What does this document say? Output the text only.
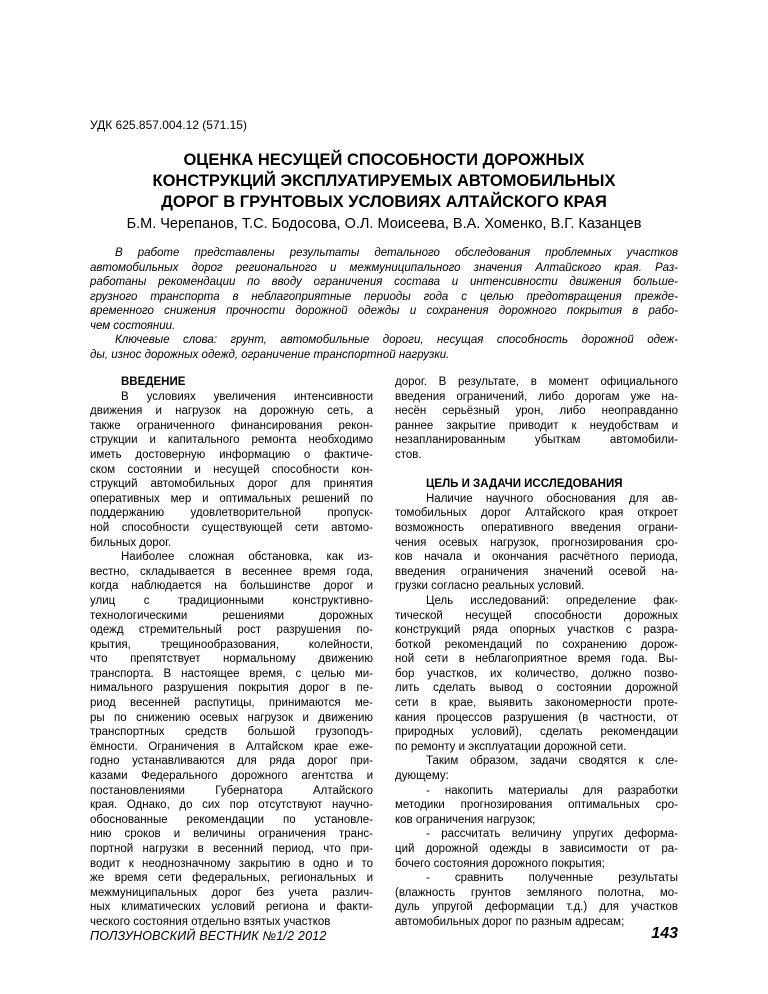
УДК 625.857.004.12 (571.15)
ОЦЕНКА НЕСУЩЕЙ СПОСОБНОСТИ ДОРОЖНЫХ
КОНСТРУКЦИЙ ЭКСПЛУАТИРУЕМЫХ АВТОМОБИЛЬНЫХ
ДОРОГ В ГРУНТОВЫХ УСЛОВИЯХ АЛТАЙСКОГО КРАЯ
Б.М. Черепанов, Т.С. Бодосова, О.Л. Моисеева, В.А. Хоменко, В.Г. Казанцев
В работе представлены результаты детального обследования проблемных участков
автомобильных дорог регионального и межмуниципального значения Алтайского края. Раз-
работаны рекомендации по вводу ограничения состава и интенсивности движения больше-
грузного транспорта в неблагоприятные периоды года с целью предотвращения прежде-
временного снижения прочности дорожной одежды и сохранения дорожного покрытия в рабо-
чем состоянии.
Ключевые слова: грунт, автомобильные дороги, несущая способность дорожной одеж-
ды, износ дорожных одежд, ограничение транспортной нагрузки.
ВВЕДЕНИЕ
В условиях увеличения интенсивности
движения и нагрузок на дорожную сеть, а
также ограниченного финансирования рекон-
струкции и капитального ремонта необходимо
иметь достоверную информацию о фактиче-
ском состоянии и несущей способности кон-
струкций автомобильных дорог для принятия
оперативных мер и оптимальных решений по
поддержанию удовлетворительной пропуск-
ной способности существующей сети автомо-
бильных дорог.
Наиболее сложная обстановка, как из-
вестно, складывается в весеннее время года,
когда наблюдается на большинстве дорог и
улиц с традиционными конструктивно-
технологическими решениями дорожных
одежд стремительный рост разрушения по-
крытия, трещинообразования, колейности,
что препятствует нормальному движению
транспорта. В настоящее время, с целью ми-
нимального разрушения покрытия дорог в пе-
риод весенней распутицы, принимаются ме-
ры по снижению осевых нагрузок и движению
транспортных средств большой грузоподъ-
ёмности. Ограничения в Алтайском крае еже-
годно устанавливаются для ряда дорог при-
казами Федерального дорожного агентства и
постановлениями Губернатора Алтайского
края. Однако, до сих пор отсутствуют научно-
обоснованные рекомендации по установле-
нию сроков и величины ограничения транс-
портной нагрузки в весенний период, что при-
водит к неоднозначному закрытию в одно и то
же время сети федеральных, региональных и
межмуниципальных дорог без учета различ-
ных климатических условий региона и факти-
ческого состояния отдельно взятых участков
дорог. В результате, в момент официального
введения ограничений, либо дорогам уже на-
несён серьёзный урон, либо неоправданно
раннее закрытие приводит к неудобствам и
незапланированным убыткам автомобили-
стов.
ЦЕЛЬ И ЗАДАЧИ ИССЛЕДОВАНИЯ
Наличие научного обоснования для ав-
томобильных дорог Алтайского края откроет
возможность оперативного введения ограни-
чения осевых нагрузок, прогнозирования сро-
ков начала и окончания расчётного периода,
введения ограничения значений осевой на-
грузки согласно реальных условий.
Цель исследований: определение фак-
тической несущей способности дорожных
конструкций ряда опорных участков с разра-
боткой рекомендаций по сохранению дорож-
ной сети в неблагоприятное время года. Вы-
бор участков, их количество, должно позво-
лить сделать вывод о состоянии дорожной
сети в крае, выявить закономерности проте-
кания процессов разрушения (в частности, от
природных условий), сделать рекомендации
по ремонту и эксплуатации дорожной сети.
Таким образом, задачи сводятся к сле-
дующему:
- накопить материалы для разработки
методики прогнозирования оптимальных сро-
ков ограничения нагрузок;
- рассчитать величину упругих деформа-
ций дорожной одежды в зависимости от ра-
бочего состояния дорожного покрытия;
- сравнить полученные результаты
(влажность грунтов земляного полотна, мо-
дуль упругой деформации т.д.) для участков
автомобильных дорог по разным адресам;
ПОЛЗУНОВСКИЙ ВЕСТНИК №1/2 2012	143
